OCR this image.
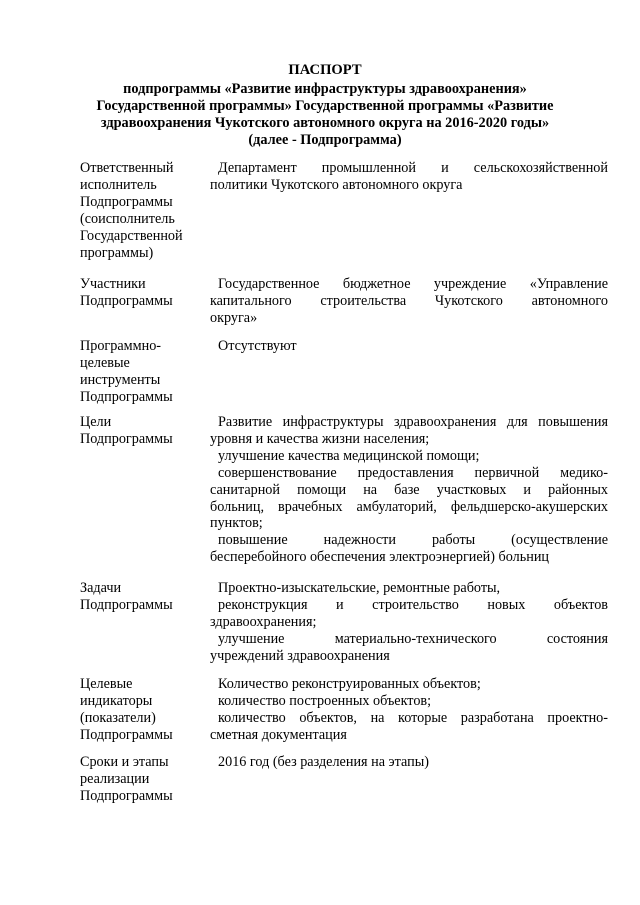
ПАСПОРТ
подпрограммы «Развитие инфраструктуры здравоохранения»
Государственной программы» Государственной программы «Развитие
здравоохранения Чукотского автономного округа на 2016-2020 годы»
(далее - Подпрограмма)
Ответственный
исполнитель
Подпрограммы
(соисполнитель
Государственной
программы)
Департамент промышленной и сельскохозяйственной
политики Чукотского автономного округа
Участники
Подпрограммы
Государственное бюджетное учреждение «Управление
капитального строительства Чукотского автономного
округа»
Программно-
целевые
инструменты
Подпрограммы
Отсутствуют
Цели
Подпрограммы
Развитие инфраструктуры здравоохранения для повышения
уровня и качества жизни населения;
улучшение качества медицинской помощи;
совершенствование предоставления первичной медико-
санитарной помощи на базе участковых и районных
больниц, врачебных амбулаторий, фельдшерско-акушерских
пунктов;
повышение надежности работы (осуществление
бесперебойного обеспечения электроэнергией) больниц
Задачи
Подпрограммы
Проектно-изыскательские, ремонтные работы,
реконструкция и строительство новых объектов
здравоохранения;
улучшение материально-технического состояния
учреждений здравоохранения
Целевые
индикаторы
(показатели)
Подпрограммы
Количество реконструированных объектов;
количество построенных объектов;
количество объектов, на которые разработана проектно-
сметная документация
Сроки и этапы
реализации
Подпрограммы
2016 год (без разделения на этапы)
